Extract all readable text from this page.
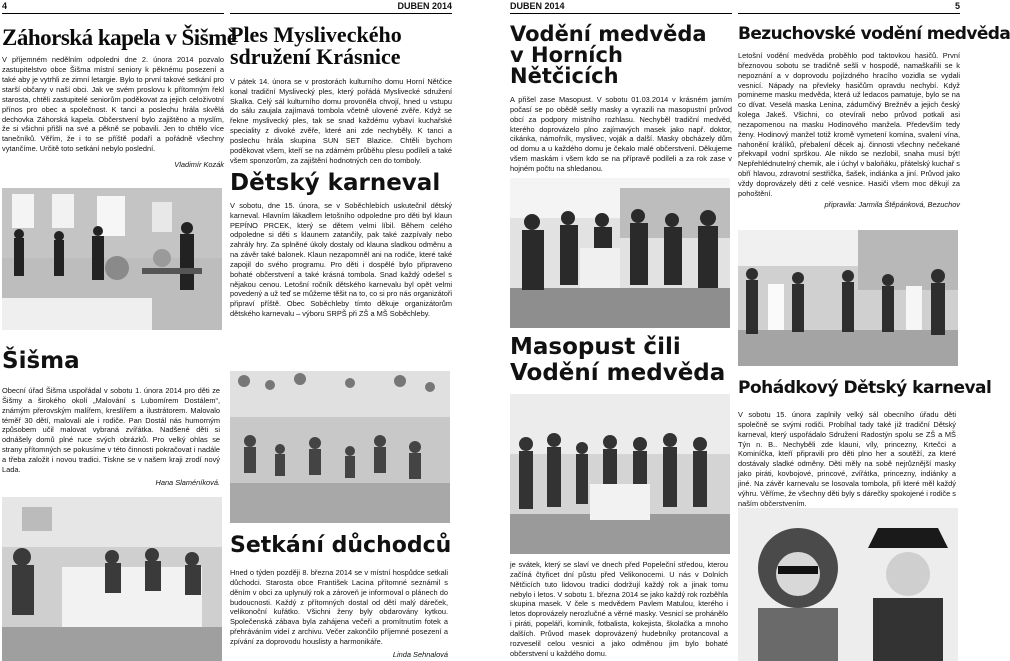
4
Záhorská kapela v Šišmě
V příjemném nedělním odpoledni dne 2. února 2014 pozvalo zastupitelstvo obce Šišma místní seniory k pěknému posezení a také aby je vytrhli ze zimní letargie. Bylo to první takové setkání pro starší občany v naší obci. Jak ve svém proslovu k přítomným řekl starosta, chtěli zastupitelé seniorům poděkovat za jejich celoživotní přínos pro obec a společnost. K tanci a poslechu hrála skvělá dechovka Záhorská kapela. Občerstvení bylo zajištěno a myslím, že si všichni přišli na své a pěkně se pobavili. Jen to chtělo více tanečníků. Věřím, že i to se příště podaří a pořádně všechny vytančíme. Určitě toto setkání nebylo poslední.
Vladimír Kozák
Šišma
Obecní úřad Šišma uspořádal v sobotu 1. února 2014 pro děti ze Šišmy a širokého okolí „Malování s Lubomírem Dostálem“, známým přerovským malířem, kreslířem a ilustrátorem. Malovalo téměř 30 dětí, malovali ale i rodiče. Pan Dostál nás humorným způsobem učil malovat vybraná zvířátka. Nadšené děti si odnášely domů plné ruce svých obrázků. Pro velký ohlas se strany přítomných se pokusíme v této činnosti pokračovat i nadále a třeba založit i novou tradici. Tiskne se v našem kraji zrodí nový Lada.
Hana Slaméníková.
DUBEN 2014
Ples Mysliveckého sdružení Krásnice
V pátek 14. února se v prostorách kulturního domu Horní Nětčice konal tradiční Myslivecký ples, který pořádá Myslivecké sdružení Skalka. Celý sál kulturního domu provoněla chvojí, hned u vstupu do sálu zaujala zajímavá tombola včetně ulovené zvěře. Když se řekne myslivecký ples, tak se snad každému vybaví kuchařské speciality z divoké zvěře, které ani zde nechyběly. K tanci a poslechu hrála skupina SUN SET Blazice. Chtěli bychom poděkovat všem, kteří se na zdárném průběhu plesu podíleli a také všem sponzorům, za zajištění hodnotných cen do tomboly.
Dětský karneval
V sobotu, dne 15. února, se v Soběchlebích uskutečnil dětský karneval. Hlavním lákadlem letošního odpoledne pro děti byl klaun PEPÍNO PRCEK, který se dětem velmi líbil. Během celého odpoledne si děti s klaunem zatančily, pak také zazpívaly nebo zahrály hry. Za splněné úkoly dostaly od klauna sladkou odměnu a na závěr také balonek. Klaun nezapomněl ani na rodiče, které také zapojil do svého programu. Pro děti i dospělé bylo připraveno bohaté občerstvení a také krásná tombola. Snad každý odešel s nějakou cenou. Letošní ročník dětského karnevalu byl opět velmi povedený a už teď se můžeme těšit na to, co si pro nás organizátoři připraví příště. Obec Soběchleby tímto děkuje organizátorům dětského karnevalu – výboru SRPŠ při ZŠ a MŠ Soběchleby.
Setkání důchodců
Hned o týden později 8. března 2014 se v místní hospůdce setkali důchodci. Starosta obce František Lacina přítomné seznámil s děním v obci za uplynulý rok a zároveň je informoval o plánech do budoucnosti. Každý z přítomných dostal od dětí malý dáreček, velikonoční kuřátko. Všichni ženy byly obdarovány kytkou. Společenská zábava byla zahájena večeři a promítnutím fotek a přehráváním videí z archivu. Večer zakončilo příjemné posezení a zpívání za doprovodu houslisty a harmonikáře.
Linda Sehnalová
DUBEN 2014
Vodění medvěda v Horních Nětčicích
A přišel zase Masopust. V sobotu 01.03.2014 v krásném jarním počasí se po obědě sešly masky a vyrazili na masopustní průvod obcí za podpory místního rozhlasu. Nechyběl tradiční medvěd, kterého doprovázelo plno zajímavých masek jako např. doktor, cikánka, námořník, myslivec, voják a další. Masky obcházely dům od domu a u každého domu je čekalo malé občerstvení. Děkujeme všem maskám i všem kdo se na přípravě podíleli a za rok zase v hojném počtu na shledanou.
Masopust čili Vodění medvěda
je svátek, který se slaví ve dnech před Popeleční středou, kterou začíná čtyřicet dní půstu před Velikonocemi. U nás v Dolních Nětčicích tuto lidovou tradici dodržují každý rok a jinak tomu nebylo i letos. V sobotu 1. března 2014 se jako každý rok rozběhla skupina masek. V čele s medvědem Pavlem Matulou, kterého i letos doprovázely nerozlučné a věrné masky. Vesnicí se prohánělo i piráti, popeláři, kominík, fotbalista, kokejista, školačka a mnoho dalších. Průvod masek doprovázený hudebníky protancoval a rozveselil celou vesnici a jako odměnou jim bylo bohaté občerstvení u každého domu.
5
Bezuchovské vodění medvěda
Letošní vodění medvěda proběhlo pod taktovkou hasičů. První březnovou sobotu se tradičně sešli v hospodě, namaškařili se k nepoznání a v doprovodu pojízdného hracího vozidla se vydali vesnicí. Nápady na převleky hasičům opravdu nechybí. Když pomineme masku medvěda, která už ledacos pamatuje, bylo se na co dívat. Veselá maska Lenina, zádumčivý Brežněv a jejich český kolega Jakeš. Všichni, co otevírali nebo průvod potkali asi nezapomenou na masku Hodinového manžela. Především tedy ženy. Hodinový manžel totiž kromě vymetení komína, svalení vína, nahonění králíků, přebalení děcek aj. činnosti všechny nečekané překvapil vodní sprškou. Ale nikdo se nezlobil, snaha musí být! Nepřehlédnutelný chemik, ale i úchyl v baloňáku, přátelský kuchař s obří hlavou, zdravotní sestřička, šašek, indiánka a jiní. Průvod jako vždy doprovázely děti z celé vesnice. Hasiči všem moc děkují za pohoštění.
připravila: Jarmila Štěpánková, Bezuchov
Pohádkový Dětský karneval
V sobotu 15. února zaplnily velký sál obecního úřadu děti společně se svými rodiči. Probíhal tady také již tradiční Dětský karneval, který uspořádalo Sdružení Radostýn spolu se ZŠ a MŠ Týn n. B.. Nechyběli zde klauni, víly, princezny, Krtečci a Kominíčka, kteří připravili pro děti plno her a soutěží, za které dostávaly sladké odměny. Děti měly na sobě nejrůznější masky jako piráti, kovbojové, princové, zvířátka, princezny, indiánky a jiné. Na závěr karnevalu se losovala tombola, při které měl každý výhru. Věříme, že všechny děti byly s dárečky spokojené i rodiče s naším občerstvením.
